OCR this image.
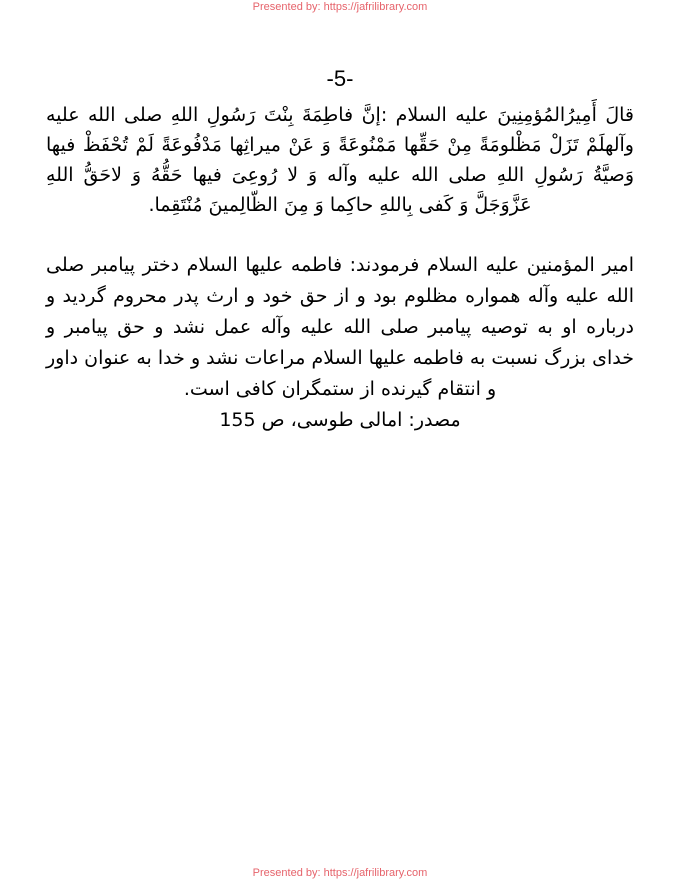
Presented by: https://jafrilibrary.com
-5-

قالَ أَمِيرُالمُؤمِنِينَ عليه السلام :إنَّ فاطِمَةَ بِنْتَ رَسُولِ اللهِ صلى الله عليه وآلهلَمْ تَزَلْ مَظْلومَةً مِنْ حَقِّها مَمْنُوعَةً وَ عَنْ ميراثِها مَدْفُوعَةً لَمْ تُحْفَظْ فيها وَصيَّةُ رَسُولِ اللهِ صلى الله عليه وآله وَ لا رُوعِىَ فيها حَقُّهُ وَ لاحَقُّ اللهِ عَزَّوَجَلَّ وَ كَفى بِاللهِ حاكِما وَ مِنَ الظّالِمينَ مُنْتَقِما.

امير المؤمنين عليه السلام فرمودند: فاطمه عليها السلام دختر پيامبر صلى الله عليه وآله همواره مظلوم بود و از حق خود و ارث پدر محروم گرديد و درباره او به توصيه پيامبر صلى الله عليه وآله عمل نشد و حق پيامبر و خداى بزرگ نسبت به فاطمه عليها السلام مراعات نشد و خدا به عنوان داور و انتقام گيرنده از ستمگران كافى است.

مصدر: امالی طوسی، ص 155

Presented by: https://jafrilibrary.com
